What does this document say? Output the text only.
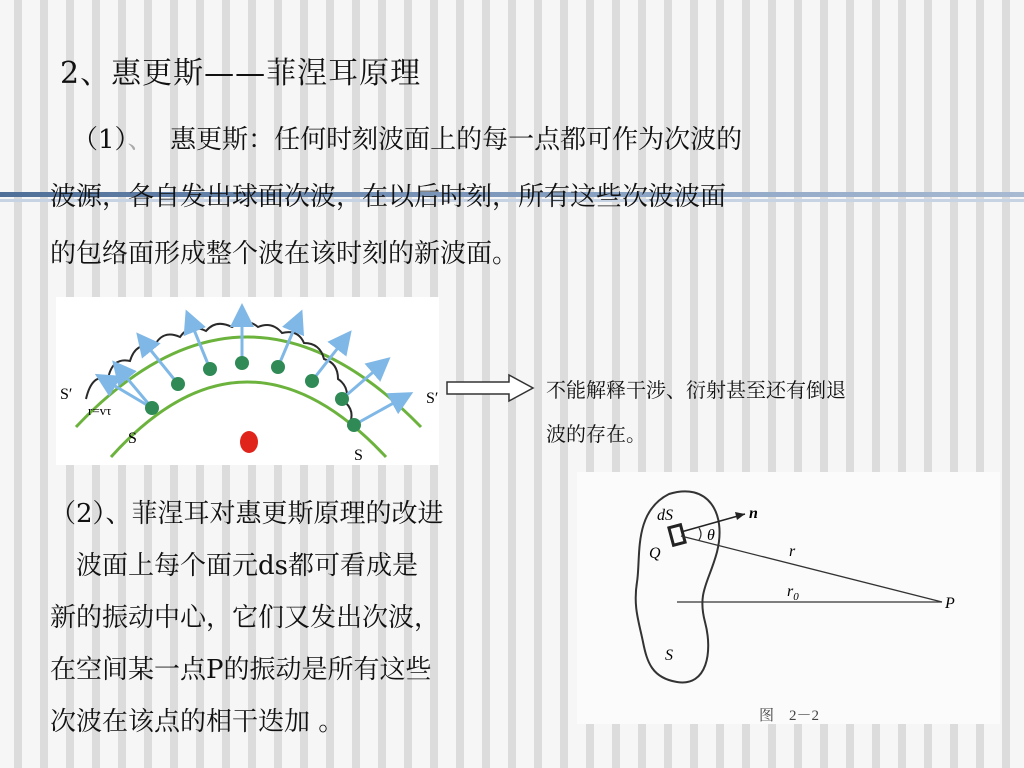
2、惠更斯——菲涅耳原理
（1）、 惠更斯：任何时刻波面上的每一点都可作为次波的
波源，各自发出球面次波，在以后时刻，所有这些次波波面
的包络面形成整个波在该时刻的新波面。
S′
r=vτ
S
S
S′	不能解释干涉、衍射甚至还有倒退
波的存在。
（2）、菲涅耳对惠更斯原理的改进
　波面上每个面元ds都可看成是
新的振动中心，它们又发出次波，
在空间某一点P的振动是所有这些
次波在该点的相干迭加 。
dS	n
θ
Q	r
$r_0$	P
S
图　2－2
